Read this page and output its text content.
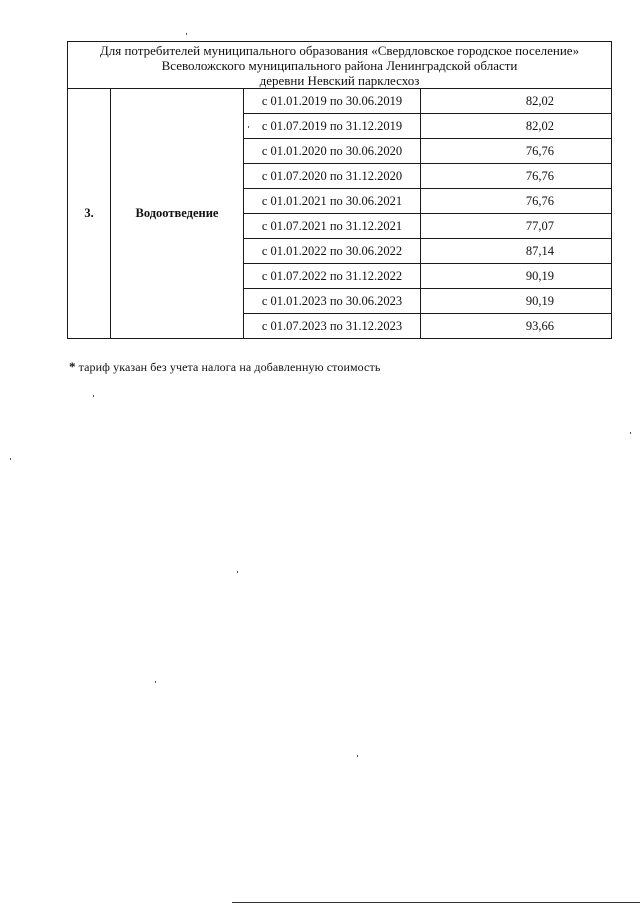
Для потребителей муниципального образования «Свердловское городское поселение»
Всеволожского муниципального района Ленинградской области
деревни Невский парклесхоз			

3.	Водоотведение	с 01.01.2019 по 30.06.2019	82,02
		с 01.07.2019 по 31.12.2019	82,02
		с 01.01.2020 по 30.06.2020	76,76
		с 01.07.2020 по 31.12.2020	76,76
		с 01.01.2021 по 30.06.2021	76,76
		с 01.07.2021 по 31.12.2021	77,07
		с 01.01.2022 по 30.06.2022	87,14
		с 01.07.2022 по 31.12.2022	90,19
		с 01.01.2023 по 30.06.2023	90,19
		с 01.07.2023 по 31.12.2023	93,66
* тариф указан без учета налога на добавленную стоимость
